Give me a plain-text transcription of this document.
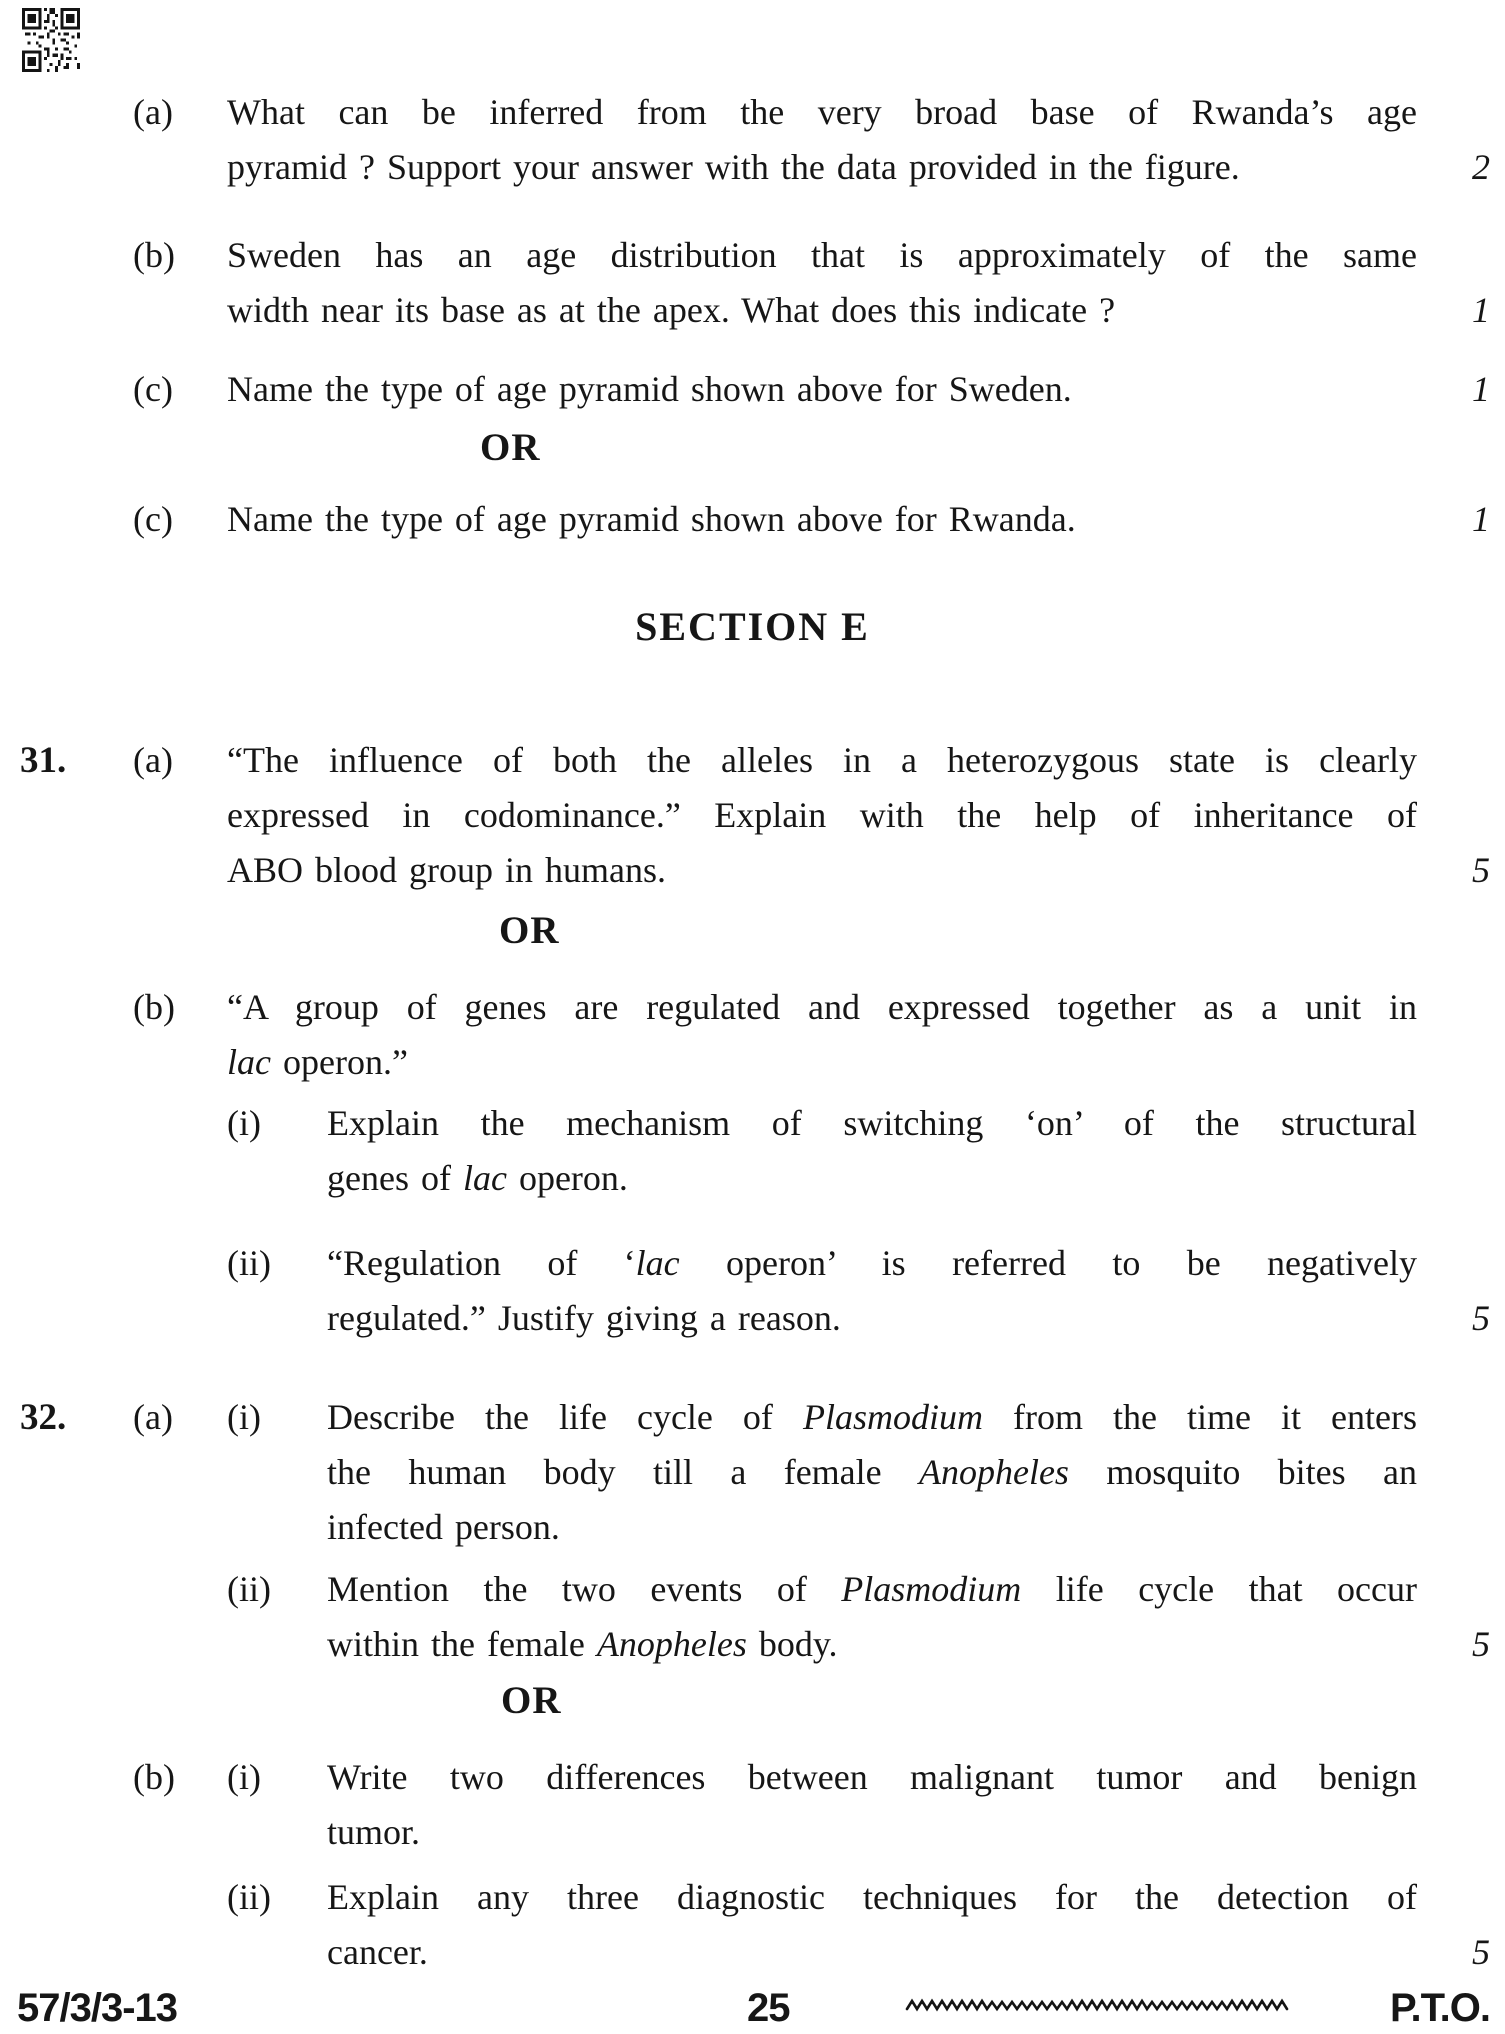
(a)	What can be inferred from the very broad base of Rwanda’s age
pyramid ? Support your answer with the data provided in the figure.	2
(b)	Sweden has an age distribution that is approximately of the same
width near its base as at the apex. What does this indicate ?	1
(c)	Name the type of age pyramid shown above for Sweden.	1
OR
(c)	Name the type of age pyramid shown above for Rwanda.	1
SECTION E
31.	(a)	“The influence of both the alleles in a heterozygous state is clearly
expressed in codominance.” Explain with the help of inheritance of
ABO blood group in humans.	5
OR
(b)	“A group of genes are regulated and expressed together as a unit in
lac operon.”
(i)	Explain the mechanism of switching ‘on’ of the structural
genes of lac operon.
(ii)	“Regulation of ‘lac operon’ is referred to be negatively
regulated.” Justify giving a reason.	5
32.	(a)	(i)	Describe the life cycle of Plasmodium from the time it enters
the human body till a female Anopheles mosquito bites an
infected person.
(ii)	Mention the two events of Plasmodium life cycle that occur
within the female Anopheles body.	5
OR
(b)	(i)	Write two differences between malignant tumor and benign
tumor.
(ii)	Explain any three diagnostic techniques for the detection of
cancer.	5
57/3/3-13	25	P.T.O.
